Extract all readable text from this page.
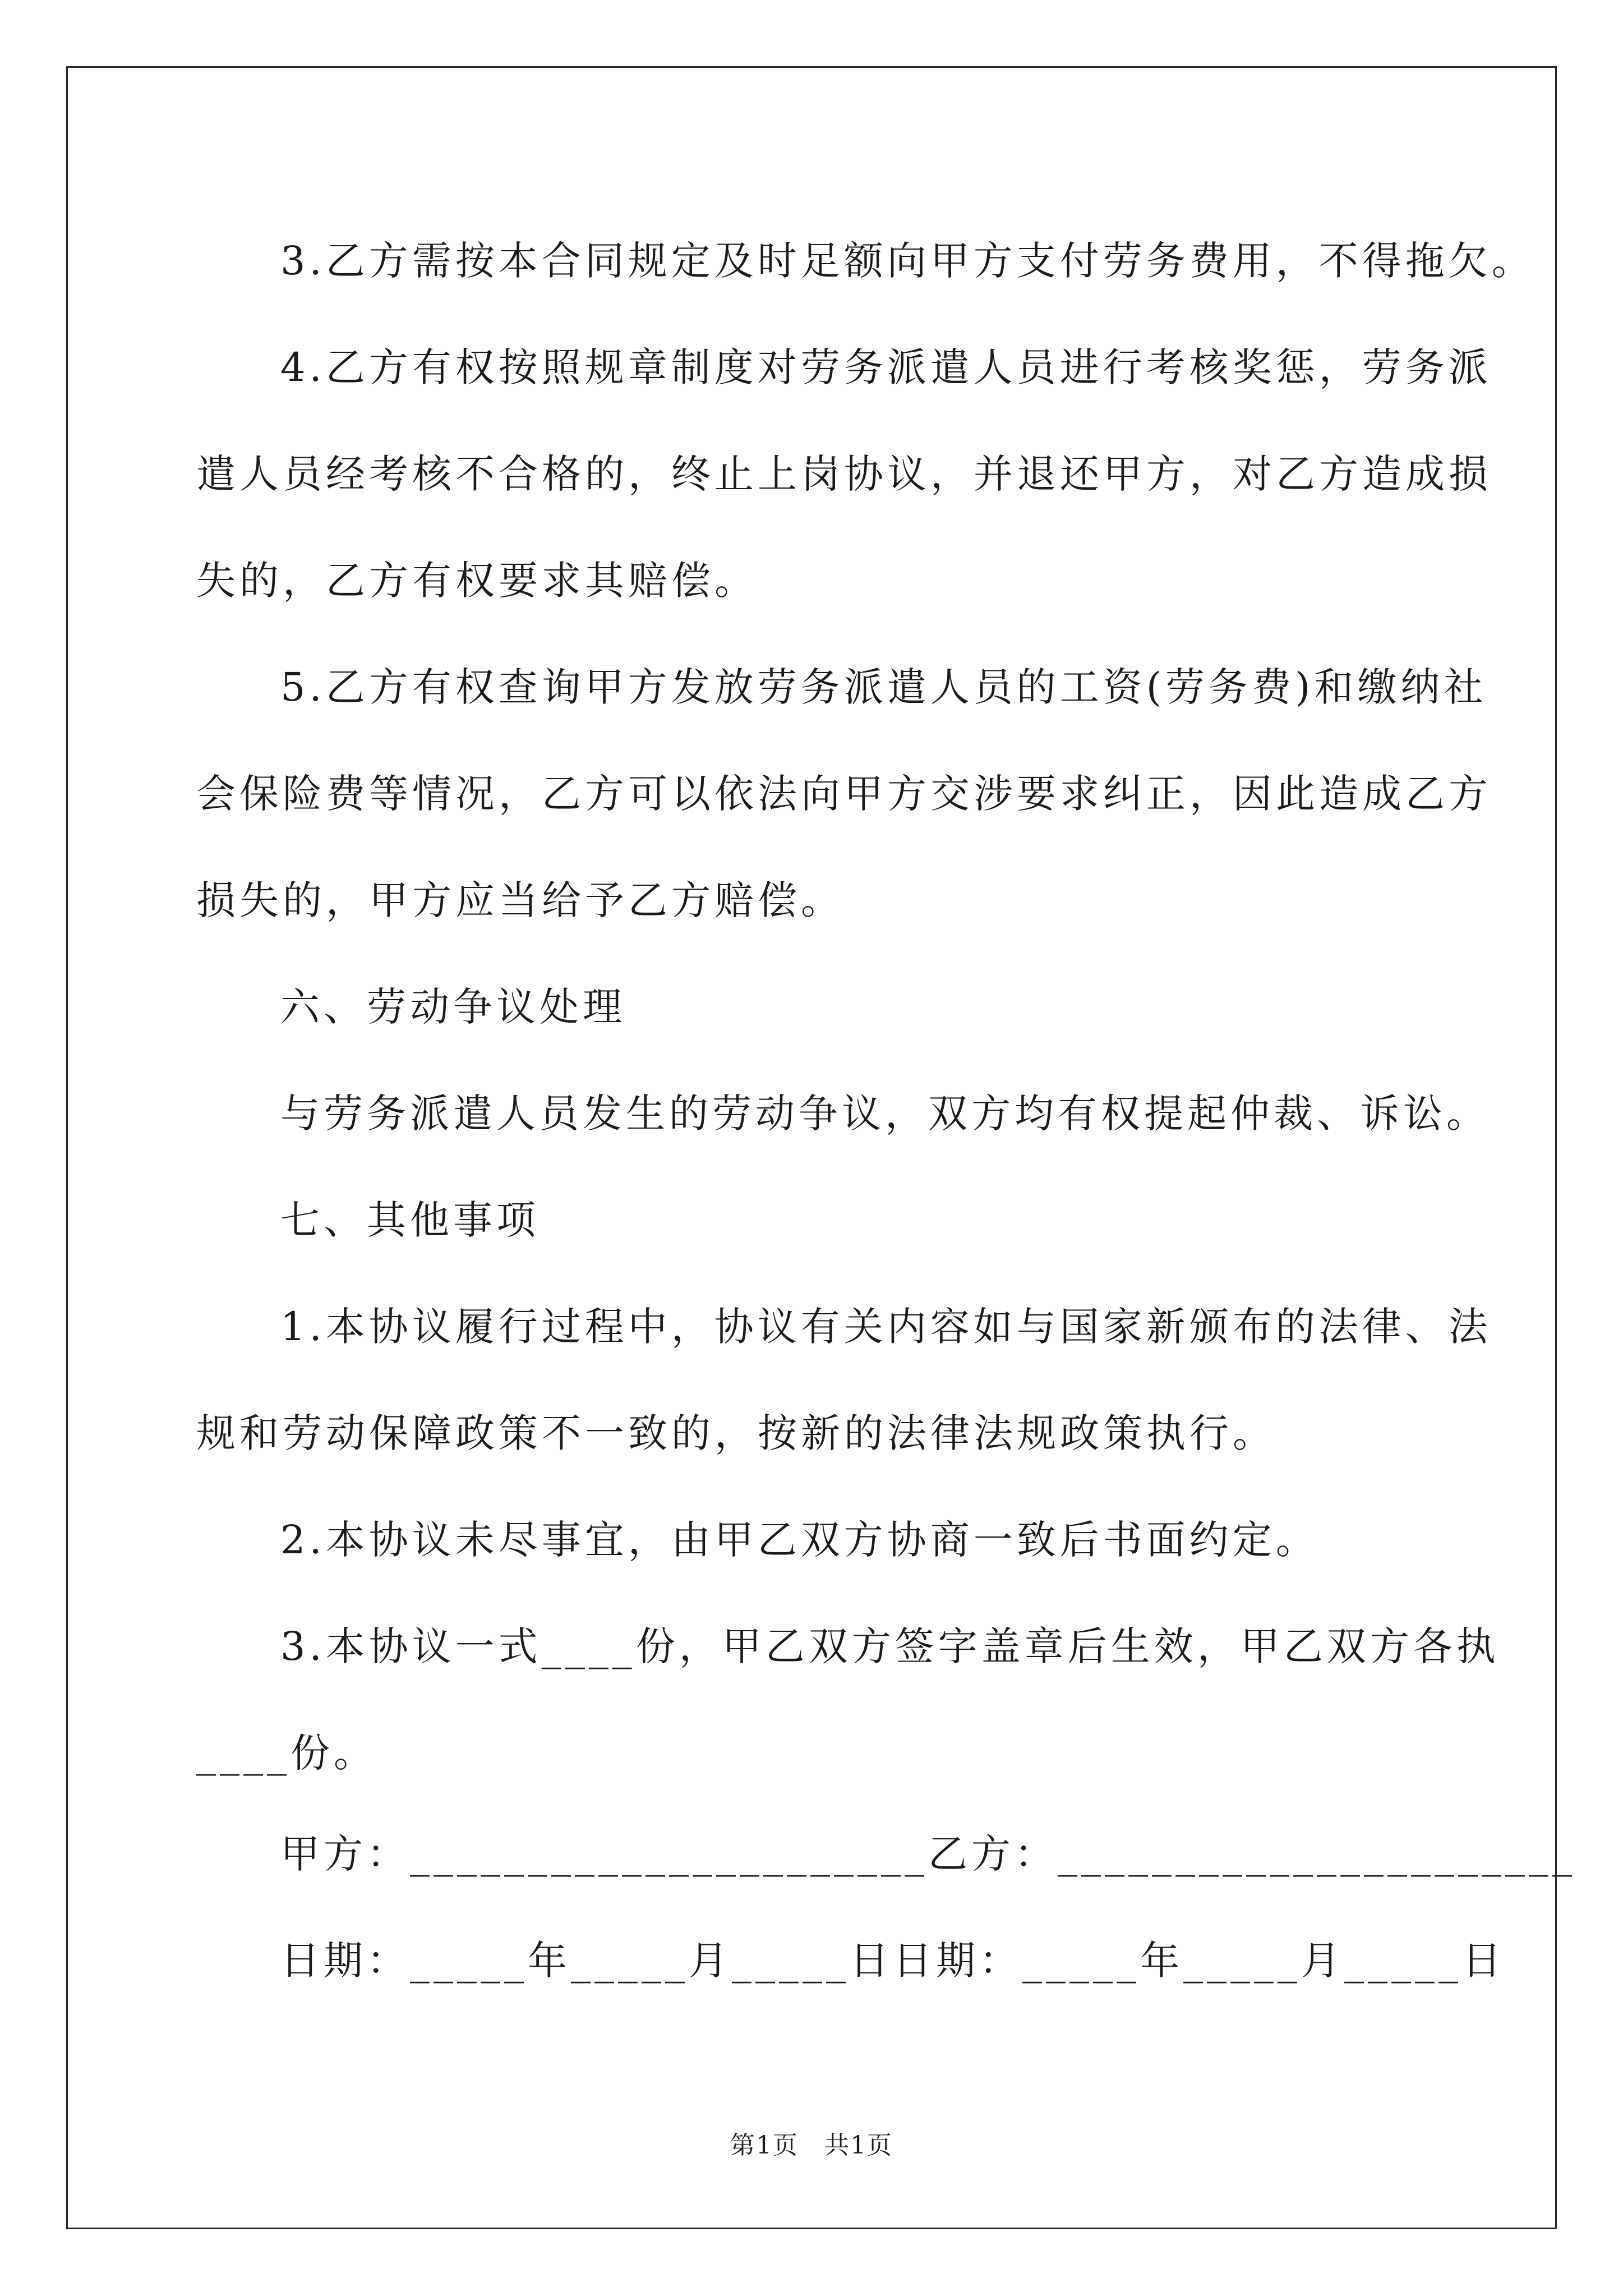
3.乙方需按本合同规定及时足额向甲方支付劳务费用，不得拖欠。
4.乙方有权按照规章制度对劳务派遣人员进行考核奖惩，劳务派
遣人员经考核不合格的，终止上岗协议，并退还甲方，对乙方造成损
失的，乙方有权要求其赔偿。
5.乙方有权查询甲方发放劳务派遣人员的工资(劳务费)和缴纳社
会保险费等情况，乙方可以依法向甲方交涉要求纠正，因此造成乙方
损失的，甲方应当给予乙方赔偿。
六、劳动争议处理
与劳务派遣人员发生的劳动争议，双方均有权提起仲裁、诉讼。
七、其他事项
1.本协议履行过程中，协议有关内容如与国家新颁布的法律、法
规和劳动保障政策不一致的，按新的法律法规政策执行。
2.本协议未尽事宜，由甲乙双方协商一致后书面约定。
3.本协议一式____份，甲乙双方签字盖章后生效，甲乙双方各执
____份。
甲方：______________________乙方：______________________
日期：_____年_____月_____日日期：_____年_____月_____日
第1页　共1页
